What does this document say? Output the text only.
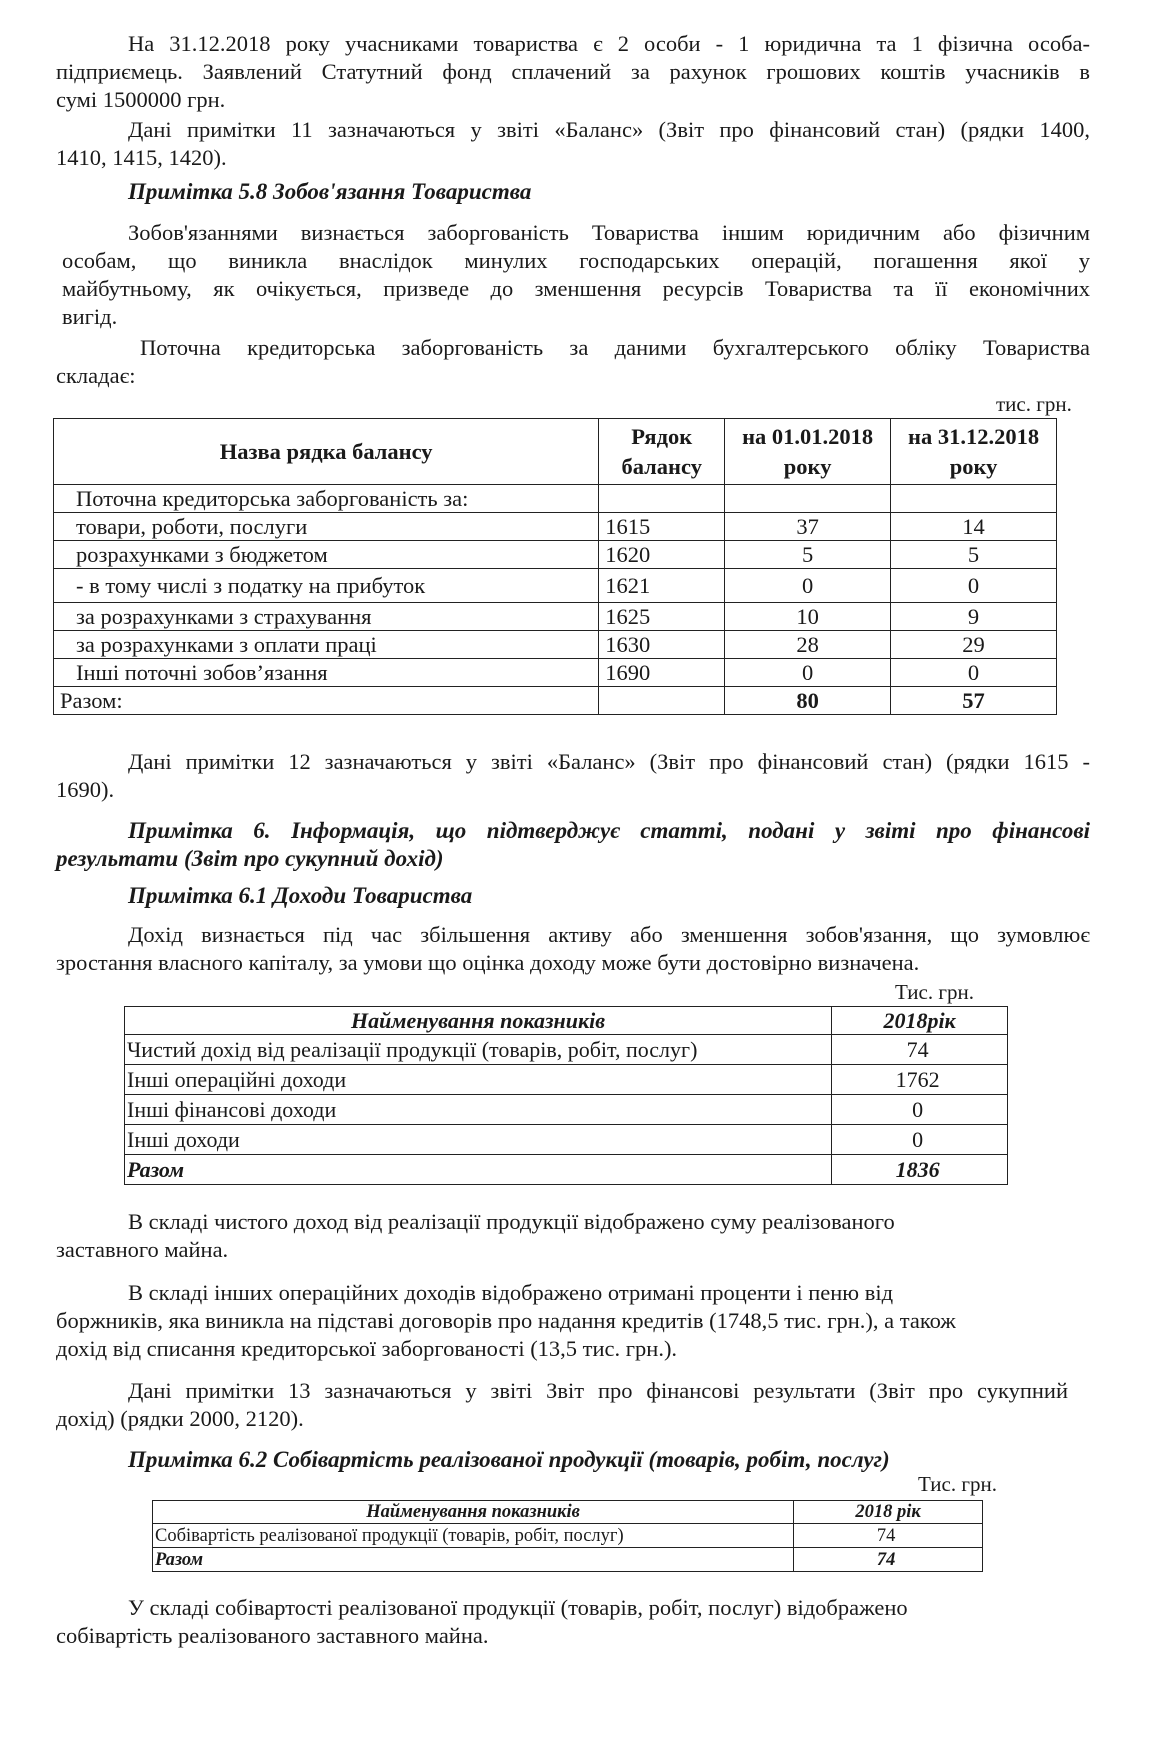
На 31.12.2018 року учасниками товариства є 2 особи - 1 юридична та 1 фізична особа-
підприємець. Заявлений Статутний фонд сплачений за рахунок грошових коштів учасників в
сумі 1500000 грн.
Дані примітки 11 зазначаються у звіті «Баланс» (Звіт про фінансовий стан) (рядки 1400,
1410, 1415, 1420).
Примітка 5.8 Зобов'язання Товариства
Зобов'язаннями визнається заборгованість Товариства іншим юридичним або фізичним
особам, що виникла внаслідок минулих господарських операцій, погашення якої у
майбутньому, як очікується, призведе до зменшення ресурсів Товариства та її економічних
вигід.
Поточна кредиторська заборгованість за даними бухгалтерського обліку Товариства
складає:
тис. грн.
Назва рядка балансу	Рядок балансу	на 01.01.2018 року	на 31.12.2018 року
Поточна кредиторська заборгованість за:			
товари, роботи, послуги	1615	37	14
розрахунками з бюджетом	1620	5	5
- в тому числі з податку на прибуток	1621	0	0
за розрахунками з страхування	1625	10	9
за розрахунками з оплати праці	1630	28	29
Інші поточні зобов’язання	1690	0	0
Разом:		80	57
Дані примітки 12 зазначаються у звіті «Баланс» (Звіт про фінансовий стан) (рядки 1615 -
1690).
Примітка 6. Інформація, що підтверджує статті, подані у звіті про фінансові
результати (Звіт про сукупний дохід)
Примітка 6.1 Доходи Товариства
Дохід визнається під час збільшення активу або зменшення зобов'язання, що зумовлює
зростання власного капіталу, за умови що оцінка доходу може бути достовірно визначена.
Тис. грн.
Найменування показників	2018рік
Чистий дохід від реалізації продукції (товарів, робіт, послуг)	74
Інші операційні доходи	1762
Інші фінансові доходи	0
Інші доходи	0
Разом	1836
В складі чистого доход від реалізації продукції відображено суму реалізованого
заставного майна.
В складі інших операційних доходів відображено отримані проценти і пеню від
боржників, яка виникла на підставі договорів про надання кредитів (1748,5 тис. грн.), а також
дохід від списання кредиторської заборгованості (13,5 тис. грн.).
Дані примітки 13 зазначаються у звіті Звіт про фінансові результати (Звіт про сукупний
дохід) (рядки 2000, 2120).
Примітка 6.2 Собівартість реалізованої продукції (товарів, робіт, послуг)
Тис. грн.
Найменування показників	2018 рік
Собівартість реалізованої продукції (товарів, робіт, послуг)	74
Разом	74
У складі собівартості реалізованої продукції (товарів, робіт, послуг) відображено
собівартість реалізованого заставного майна.
